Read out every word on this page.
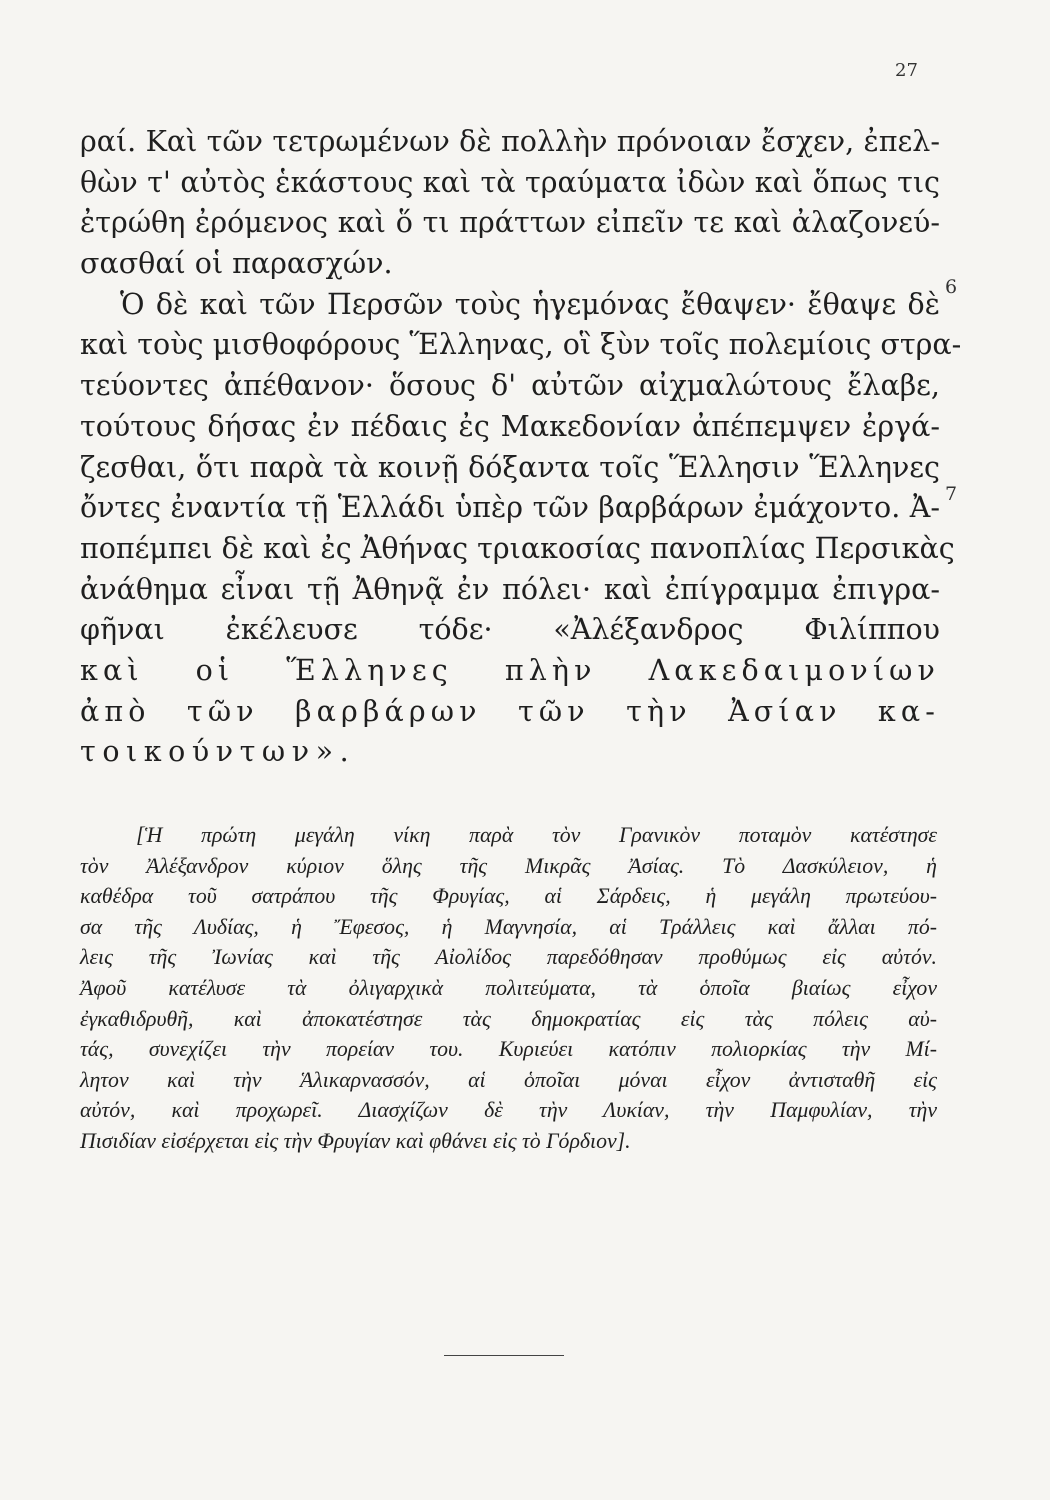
27
ραί. Καὶ τῶν τετρωμένων δὲ πολλὴν πρόνοιαν ἔσχεν, ἐπελ-
θὼν τ' αὐτὸς ἑκάστους καὶ τὰ τραύματα ἰδὼν καὶ ὅπως τις
ἐτρώθη ἐρόμενος καὶ ὅ τι πράττων εἰπεῖν τε καὶ ἀλαζονεύ-
σασθαί οἱ παρασχών.
Ὁ δὲ καὶ τῶν Περσῶν τοὺς ἡγεμόνας ἔθαψεν· ἔθαψε δὲ
καὶ τοὺς μισθοφόρους Ἕλληνας, οἳ ξὺν τοῖς πολεμίοις στρα-
τεύοντες ἀπέθανον· ὅσους δ' αὐτῶν αἰχμαλώτους ἔλαβε,
τούτους δήσας ἐν πέδαις ἐς Μακεδονίαν ἀπέπεμψεν ἐργά-
ζεσθαι, ὅτι παρὰ τὰ κοινῇ δόξαντα τοῖς Ἕλλησιν Ἕλληνες
ὄντες ἐναντία τῇ Ἑλλάδι ὑπὲρ τῶν βαρβάρων ἐμάχοντο. Ἀ-
ποπέμπει δὲ καὶ ἐς Ἀθήνας τριακοσίας πανοπλίας Περσικὰς
ἀνάθημα εἶναι τῇ Ἀθηνᾷ ἐν πόλει· καὶ ἐπίγραμμα ἐπιγρα-
φῆναι ἐκέλευσε τόδε· «Ἀλέξανδρος Φιλίππου
καὶ οἱ Ἕλληνες πλὴν Λακεδαιμονίων
ἀπὸ τῶν βαρβάρων τῶν τὴν Ἀσίαν κα-
τοικούντων».
6
7
[Ἡ πρώτη μεγάλη νίκη παρὰ τὸν Γρανικὸν ποταμὸν κατέστησε
τὸν Ἀλέξανδρον κύριον ὅλης τῆς Μικρᾶς Ἀσίας. Τὸ Δασκύλειον, ἡ
καθέδρα τοῦ σατράπου τῆς Φρυγίας, αἱ Σάρδεις, ἡ μεγάλη πρωτεύου-
σα τῆς Λυδίας, ἡ Ἔφεσος, ἡ Μαγνησία, αἱ Τράλλεις καὶ ἄλλαι πό-
λεις τῆς Ἰωνίας καὶ τῆς Αἰολίδος παρεδόθησαν προθύμως εἰς αὐτόν.
Ἀφοῦ κατέλυσε τὰ ὀλιγαρχικὰ πολιτεύματα, τὰ ὁποῖα βιαίως εἶχον
ἐγκαθιδρυθῆ, καὶ ἀποκατέστησε τὰς δημοκρατίας εἰς τὰς πόλεις αὐ-
τάς, συνεχίζει τὴν πορείαν του. Κυριεύει κατόπιν πολιορκίας τὴν Μί-
λητον καὶ τὴν Ἁλικαρνασσόν, αἱ ὁποῖαι μόναι εἶχον ἀντισταθῆ εἰς
αὐτόν, καὶ προχωρεῖ. Διασχίζων δὲ τὴν Λυκίαν, τὴν Παμφυλίαν, τὴν
Πισιδίαν εἰσέρχεται εἰς τὴν Φρυγίαν καὶ φθάνει εἰς τὸ Γόρδιον].
